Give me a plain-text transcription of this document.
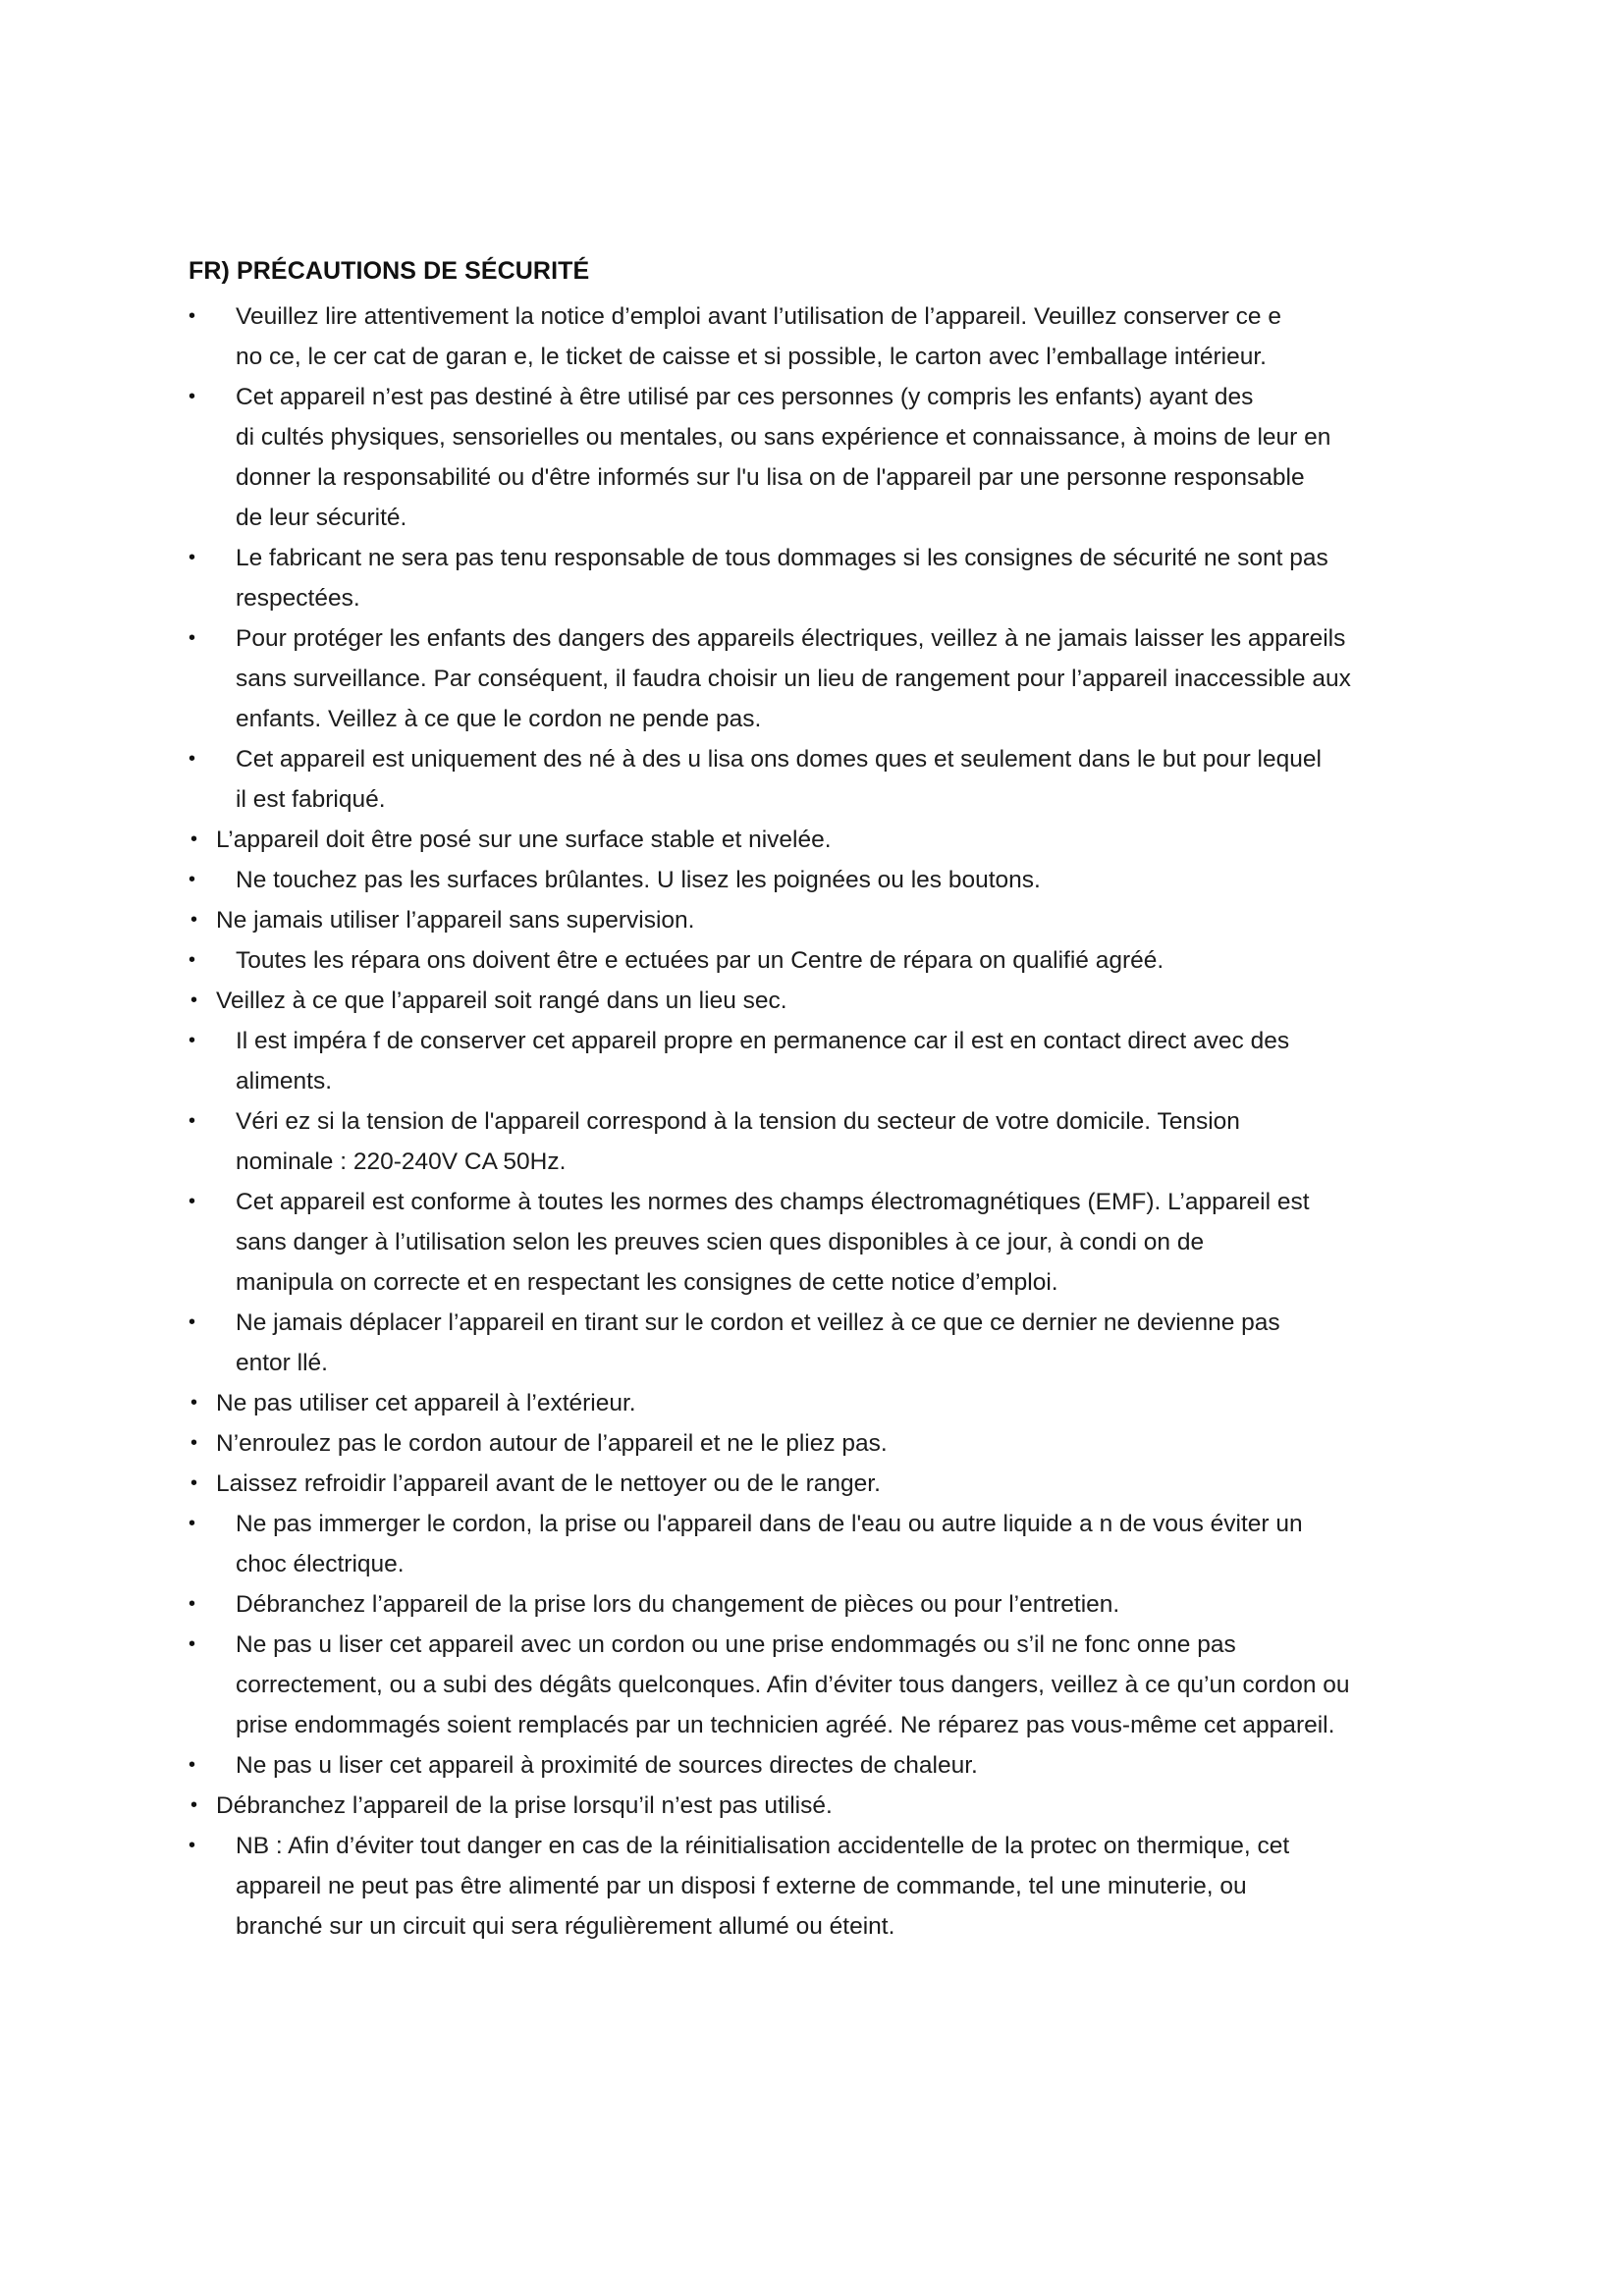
FR) PRÉCAUTIONS DE SÉCURITÉ
• Veuillez lire attentivement la notice d’emploi avant l’utilisation de l’appareil. Veuillez conserver ce e
no ce, le cer cat de garan e, le ticket de caisse et si possible, le carton avec l’emballage intérieur.
• Cet appareil n’est pas destiné à être utilisé par ces personnes (y compris les enfants) ayant des
di cultés physiques, sensorielles ou mentales, ou sans expérience et connaissance, à moins de leur en
donner la responsabilité ou d'être informés sur l'u lisa on de l'appareil par une personne responsable
de leur sécurité.
• Le fabricant ne sera pas tenu responsable de tous dommages si les consignes de sécurité ne sont pas
respectées.
• Pour protéger les enfants des dangers des appareils électriques, veillez à ne jamais laisser les appareils
sans surveillance. Par conséquent, il faudra choisir un lieu de rangement pour l’appareil inaccessible aux
enfants. Veillez à ce que le cordon ne pende pas.
• Cet appareil est uniquement des né à des u lisa ons domes ques et seulement dans le but pour lequel
il est fabriqué.
• L’appareil doit être posé sur une surface stable et nivelée.
• Ne touchez pas les surfaces brûlantes. U lisez les poignées ou les boutons.
• Ne jamais utiliser l’appareil sans supervision.
• Toutes les répara ons doivent être e ectuées par un Centre de répara on qualifié agréé.
• Veillez à ce que l’appareil soit rangé dans un lieu sec.
• Il est impéra f de conserver cet appareil propre en permanence car il est en contact direct avec des
aliments.
• Véri ez si la tension de l'appareil correspond à la tension du secteur de votre domicile. Tension
nominale : 220-240V CA 50Hz.
• Cet appareil est conforme à toutes les normes des champs électromagnétiques (EMF). L’appareil est
sans danger à l’utilisation selon les preuves scien ques disponibles à ce jour, à condi on de
manipula on correcte et en respectant les consignes de cette notice d’emploi.
• Ne jamais déplacer l’appareil en tirant sur le cordon et veillez à ce que ce dernier ne devienne pas
entor llé.
• Ne pas utiliser cet appareil à l’extérieur.
• N’enroulez pas le cordon autour de l’appareil et ne le pliez pas.
• Laissez refroidir l’appareil avant de le nettoyer ou de le ranger.
• Ne pas immerger le cordon, la prise ou l'appareil dans de l'eau ou autre liquide a n de vous éviter un
choc électrique.
• Débranchez l’appareil de la prise lors du changement de pièces ou pour l’entretien.
• Ne pas u liser cet appareil avec un cordon ou une prise endommagés ou s’il ne fonc onne pas
correctement, ou a subi des dégâts quelconques. Afin d’éviter tous dangers, veillez à ce qu’un cordon ou
prise endommagés soient remplacés par un technicien agréé. Ne réparez pas vous-même cet appareil.
• Ne pas u liser cet appareil à proximité de sources directes de chaleur.
• Débranchez l’appareil de la prise lorsqu’il n’est pas utilisé.
• NB : Afin d’éviter tout danger en cas de la réinitialisation accidentelle de la protec on thermique, cet
appareil ne peut pas être alimenté par un disposi f externe de commande, tel une minuterie, ou
branché sur un circuit qui sera régulièrement allumé ou éteint.
